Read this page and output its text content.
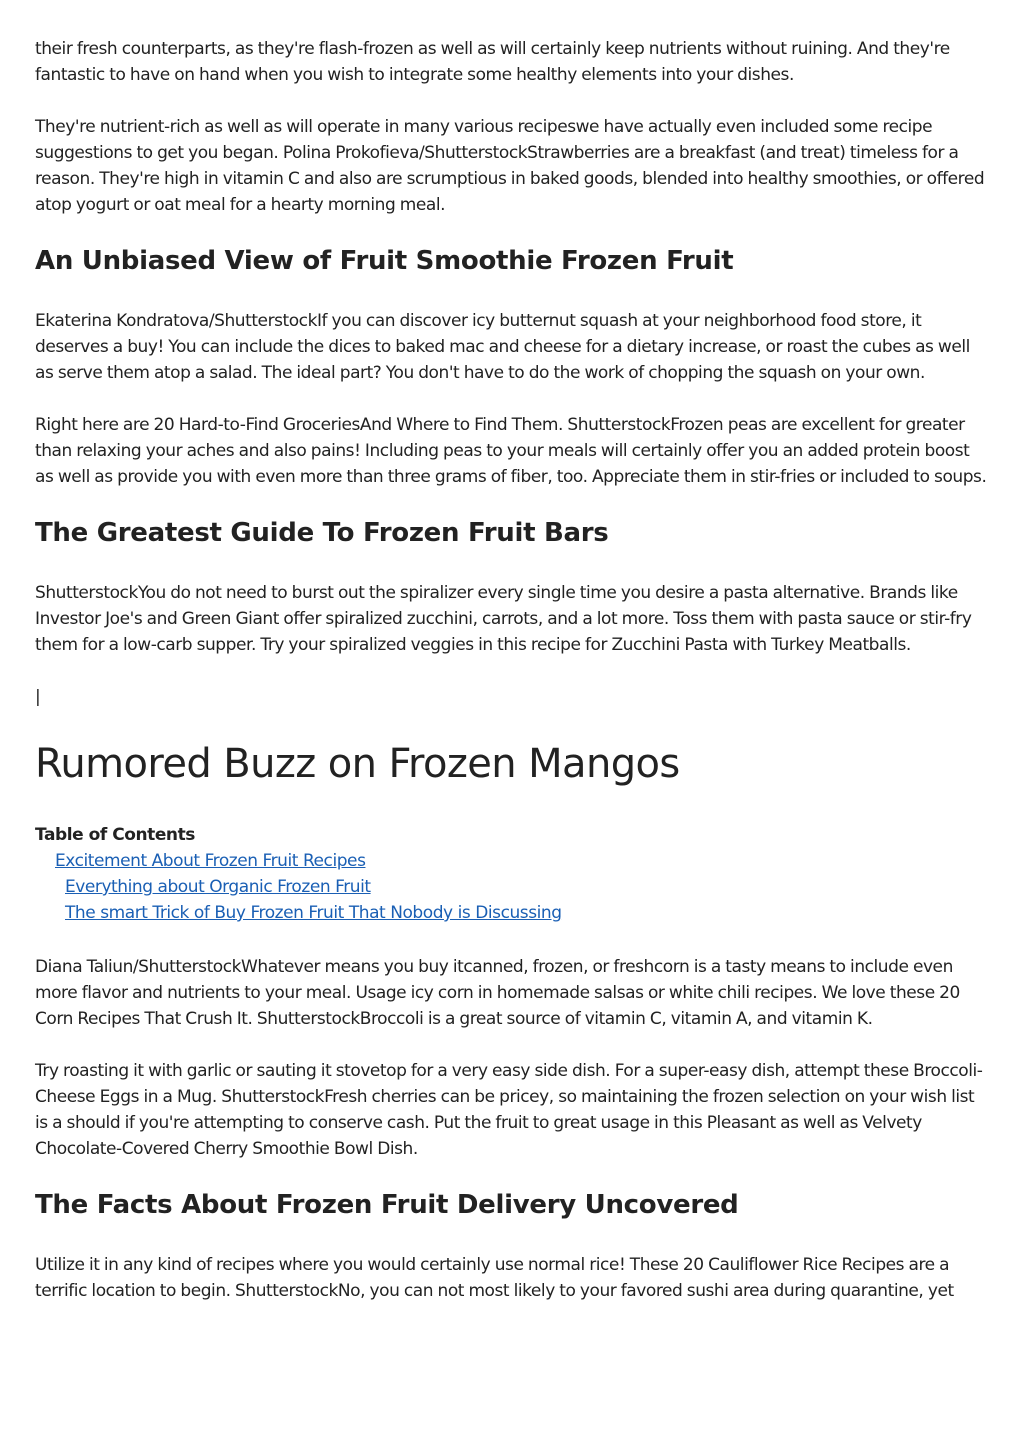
their fresh counterparts, as they're flash-frozen as well as will certainly keep nutrients without ruining. And they're fantastic to have on hand when you wish to integrate some healthy elements into your dishes.

They're nutrient-rich as well as will operate in many various recipeswe have actually even included some recipe suggestions to get you began. Polina Prokofieva/ShutterstockStrawberries are a breakfast (and treat) timeless for a reason. They're high in vitamin C and also are scrumptious in baked goods, blended into healthy smoothies, or offered atop yogurt or oat meal for a hearty morning meal.

An Unbiased View of Fruit Smoothie Frozen Fruit

Ekaterina Kondratova/ShutterstockIf you can discover icy butternut squash at your neighborhood food store, it deserves a buy! You can include the dices to baked mac and cheese for a dietary increase, or roast the cubes as well as serve them atop a salad. The ideal part? You don't have to do the work of chopping the squash on your own.

Right here are 20 Hard-to-Find GroceriesAnd Where to Find Them. ShutterstockFrozen peas are excellent for greater than relaxing your aches and also pains! Including peas to your meals will certainly offer you an added protein boost as well as provide you with even more than three grams of fiber, too. Appreciate them in stir-fries or included to soups.

The Greatest Guide To Frozen Fruit Bars

ShutterstockYou do not need to burst out the spiralizer every single time you desire a pasta alternative. Brands like Investor Joe's and Green Giant offer spiralized zucchini, carrots, and a lot more. Toss them with pasta sauce or stir-fry them for a low-carb supper. Try your spiralized veggies in this recipe for Zucchini Pasta with Turkey Meatballs.

|
Rumored Buzz on Frozen Mangos
Table of Contents
Excitement About Frozen Fruit Recipes
Everything about Organic Frozen Fruit
The smart Trick of Buy Frozen Fruit That Nobody is Discussing

Diana Taliun/ShutterstockWhatever means you buy itcanned, frozen, or freshcorn is a tasty means to include even more flavor and nutrients to your meal. Usage icy corn in homemade salsas or white chili recipes. We love these 20 Corn Recipes That Crush It. ShutterstockBroccoli is a great source of vitamin C, vitamin A, and vitamin K.

Try roasting it with garlic or sauting it stovetop for a very easy side dish. For a super-easy dish, attempt these Broccoli-Cheese Eggs in a Mug. ShutterstockFresh cherries can be pricey, so maintaining the frozen selection on your wish list is a should if you're attempting to conserve cash. Put the fruit to great usage in this Pleasant as well as Velvety Chocolate-Covered Cherry Smoothie Bowl Dish.

The Facts About Frozen Fruit Delivery Uncovered

Utilize it in any kind of recipes where you would certainly use normal rice! These 20 Cauliflower Rice Recipes are a terrific location to begin. ShutterstockNo, you can not most likely to your favored sushi area during quarantine, yet
